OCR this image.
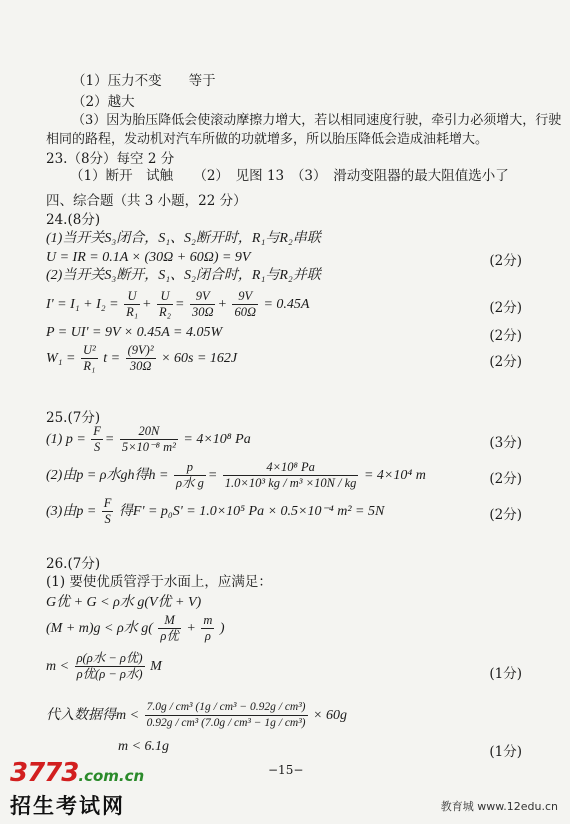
（1）压力不变　　等于
（2）越大
（3）因为胎压降低会使滚动摩擦力增大，若以相同速度行驶，牵引力必须增大，行驶
相同的路程，发动机对汽车所做的功就增多，所以胎压降低会造成油耗增大。
23.（8分）每空 2 分
（1）断开　试触　　（2）　见图 13　（3）　滑动变阻器的最大阻值选小了
四、综合题（共 3 小题，22 分）
24.(8分)
(1)当开关S₃闭合，S₁、S₂断开时，R₁与R₂串联
U = IR = 0.1A × (30Ω + 60Ω) = 9V	(2分)
(2)当开关S₃断开，S₁、S₂闭合时，R₁与R₂并联
$I' = I_1 + I_2 = \frac{U}{\text{R₁}} + \frac{U}{\text{R₂}} = \frac{9V}{30\Omega} + \frac{9V}{60\Omega} = 0.45A$	(2分)
P = UI' = 9V × 0.45A = 4.05W	(2分)
$W_1 = \frac{\text{U²}}{\text{R₁}}$ $t = \frac{\text{(9V)²}}{30\Omega} \times 60s = 162J$	(2分)
25.(7分)
(1) $p = \frac{F}{S} = \frac{20N}{\text{5×10⁻⁸ m²}} = 4\times 10^8$ Pa	(3分)
(2)由p = ρ水gh得$h = \frac{p}{\text{ρ水 g}} = \frac{\text{4×10⁸ Pa}}{\text{1.0×10³ kg / m³ ×10N / kg}} = 4\times 10^4$ m	(2分)
(3)由$p = \frac{F}{S}$ 得F' = p₀S' = 1.0×10⁵ Pa × 0.5×10⁻⁴ m² = 5N	(2分)
26.(7分)
(1) 要使优质管浮于水面上，应满足：
G优 + G < ρ水 g(V优 + V)
(M + m)g < ρ水 $g( \frac{M}{\text{ρ优}} + \frac{m}{\rho}$ )
$m < \frac{\text{ρ(ρ水 − ρ优)}}{\text{ρ优(ρ − ρ水)}}$ M	(1分)
代入数据得$m < \frac{\text{7.0g / cm³ (1g / cm³ − 0.92g / cm³)}}{\text{0.92g / cm³ (7.0g / cm³ − 1g / cm³)}} \times 60g$
m < 6.1g	(1分)
−15−
3773.com.cn
招生考试网	教育城 www.12edu.cn
